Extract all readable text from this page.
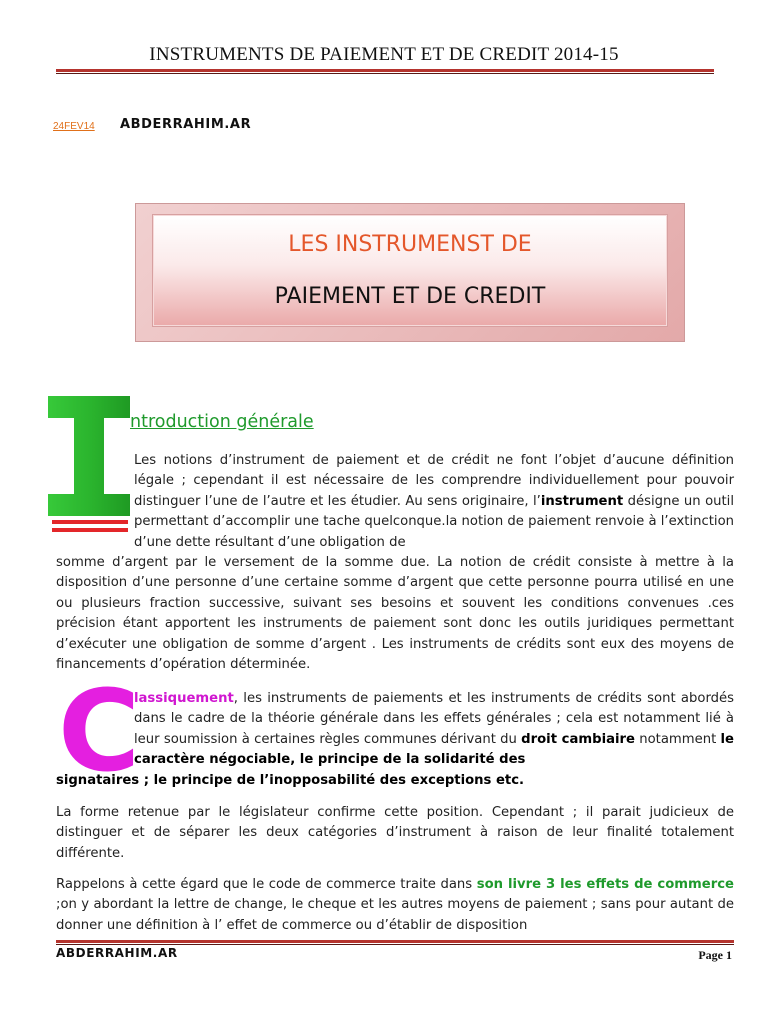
INSTRUMENTS DE PAIEMENT ET DE CREDIT 2014-15
24FEV14 ABDERRAHIM.AR
LES INSTRUMENST DE
PAIEMENT ET DE CREDIT
ntroduction générale
Les notions d’instrument de paiement et de crédit ne font l’objet d’aucune définition légale ; cependant il est nécessaire de les comprendre individuellement pour pouvoir distinguer l’une de l’autre et les étudier. Au sens originaire, l’instrument désigne un outil permettant d’accomplir une tache quelconque.la notion de paiement renvoie à l’extinction d’une dette résultant d’une obligation de
somme d’argent par le versement de la somme due. La notion de crédit consiste à mettre à la disposition d’une personne d’une certaine somme d’argent que cette personne pourra utilisé en une ou plusieurs fraction successive, suivant ses besoins et souvent les conditions convenues .ces précision étant apportent les instruments de paiement sont donc les outils juridiques permettant d’exécuter une obligation de somme d’argent . Les instruments de crédits sont eux des moyens de financements d’opération déterminée.
C
lassiquement, les instruments de paiements et les instruments de crédits sont abordés dans le cadre de la théorie générale dans les effets générales ; cela est notamment lié à leur soumission à certaines règles communes dérivant du droit cambiaire notamment le caractère négociable, le principe de la solidarité des
signataires ; le principe de l’inopposabilité des exceptions etc.
La forme retenue par le législateur confirme cette position. Cependant ; il parait judicieux de distinguer et de séparer les deux catégories d’instrument à raison de leur finalité totalement différente.
Rappelons à cette égard que le code de commerce traite dans son livre 3 les effets de commerce ;on y abordant la lettre de change, le cheque et les autres moyens de paiement ; sans pour autant de donner une définition à l’ effet de commerce ou d’établir de disposition
ABDERRAHIM.AR	Page 1
